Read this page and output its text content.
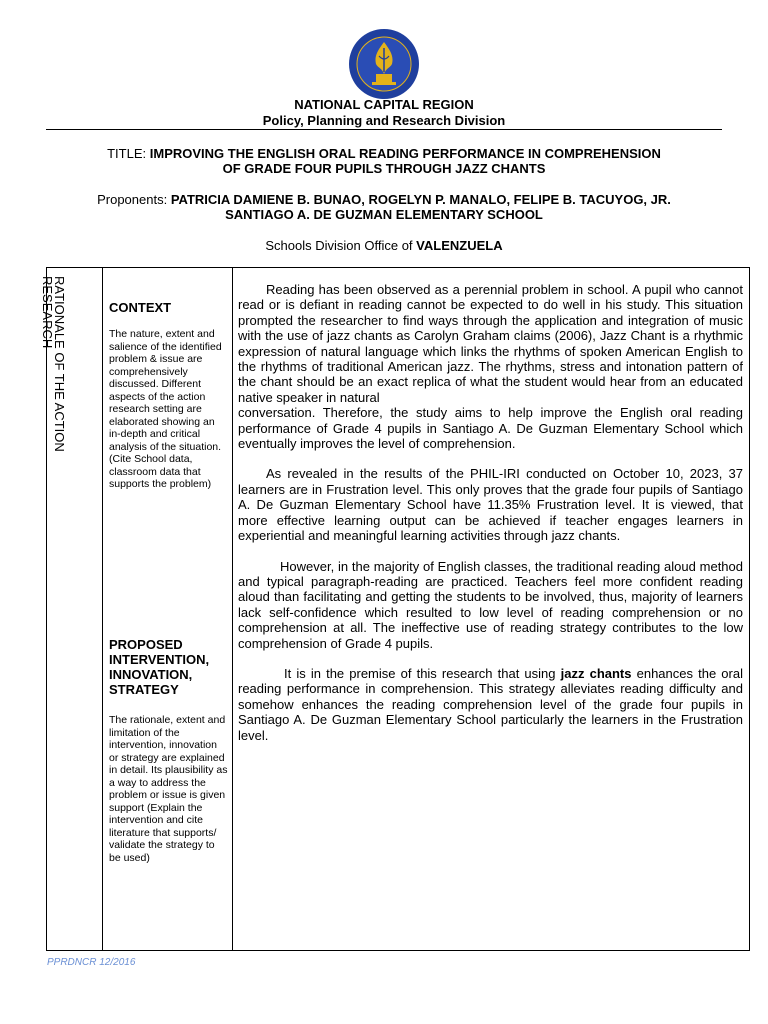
NATIONAL CAPITAL REGION
Policy, Planning and Research Division
TITLE: IMPROVING THE ENGLISH ORAL READING PERFORMANCE IN COMPREHENSION
OF GRADE FOUR PUPILS THROUGH JAZZ CHANTS
Proponents: PATRICIA DAMIENE B. BUNAO, ROGELYN P. MANALO, FELIPE B. TACUYOG, JR.
SANTIAGO A. DE GUZMAN ELEMENTARY SCHOOL
Schools Division Office of VALENZUELA
RATIONALE OF THE ACTION
RESEARCH	CONTEXT
The nature, extent and salience of the identified problem & issue are comprehensively discussed. Different aspects of the action research setting are elaborated showing an in-depth and critical analysis of the situation. (Cite School data, classroom data that supports the problem)
PROPOSED INTERVENTION, INNOVATION, STRATEGY
The rationale, extent and limitation of the intervention, innovation or strategy are explained in detail. Its plausibility as a way to address the problem or issue is given support (Explain the intervention and cite literature that supports/ validate the strategy to be used)

Reading has been observed as a perennial problem in school. A pupil who cannot read or is defiant in reading cannot be expected to do well in his study. This situation prompted the researcher to find ways through the application and integration of music with the use of jazz chants as Carolyn Graham claims (2006), Jazz Chant is a rhythmic expression of natural language which links the rhythms of spoken American English to the rhythms of traditional American jazz. The rhythms, stress and intonation pattern of the chant should be an exact replica of what the student would hear from an educated native speaker in natural

conversation. Therefore, the study aims to help improve the English oral reading performance of Grade 4 pupils in Santiago A. De Guzman Elementary School which eventually improves the level of comprehension.

As revealed in the results of the PHIL-IRI conducted on October 10, 2023, 37 learners are in Frustration level. This only proves that the grade four pupils of Santiago A. De Guzman Elementary School have 11.35% Frustration level. It is viewed, that more effective learning output can be achieved if teacher engages learners in experiential and meaningful learning activities through jazz chants.

However, in the majority of English classes, the traditional reading aloud method and typical paragraph-reading are practiced. Teachers feel more confident reading aloud than facilitating and getting the students to be involved, thus, majority of learners lack self-confidence which resulted to low level of reading comprehension or no comprehension at all. The ineffective use of reading strategy contributes to the low comprehension of Grade 4 pupils.

It is in the premise of this research that using jazz chants enhances the oral reading performance in comprehension. This strategy alleviates reading difficulty and somehow enhances the reading comprehension level of the grade four pupils in Santiago A. De Guzman Elementary School particularly the learners in the Frustration level.

PPRDNCR 12/2016
